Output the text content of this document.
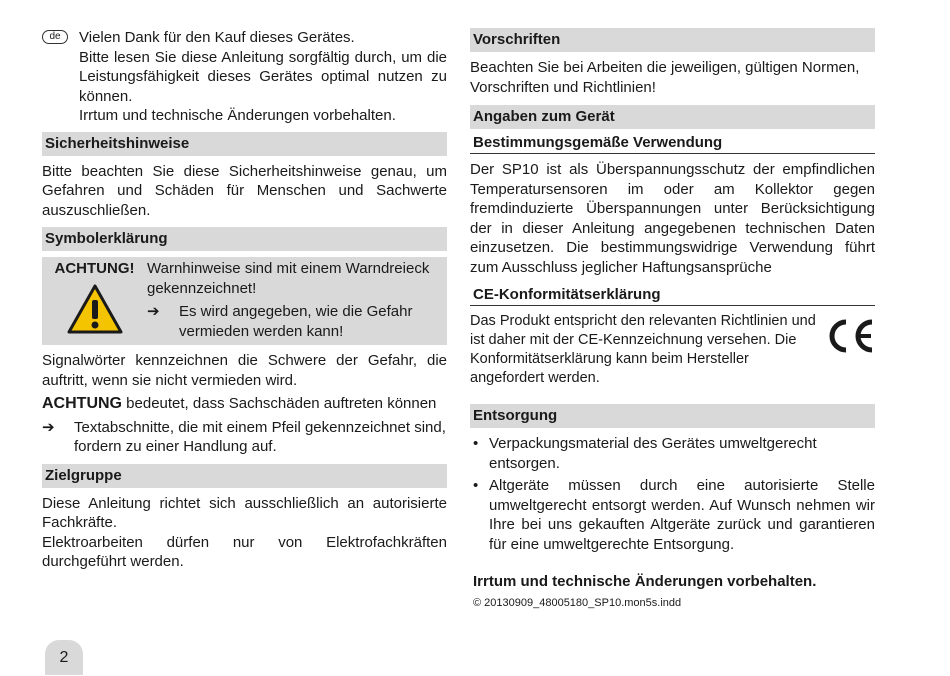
de	Vielen Dank für den Kauf dieses Gerätes.

Bitte lesen Sie diese Anleitung sorgfältig durch, um die Leistungsfähigkeit dieses Gerätes optimal nutzen zu können.

Irrtum und technische Änderungen vorbehalten.

Sicherheitshinweise

Bitte beachten Sie diese Sicherheitshinweise genau, um Gefahren und Schäden für Menschen und Sachwerte auszuschließen.

Symbolerklärung
ACHTUNG! Warnhinweise sind mit einem Warndreieck gekennzeichnet!

➔	Es wird angegeben, wie die Gefahr vermieden werden kann!

Signalwörter kennzeichnen die Schwere der Gefahr, die auftritt, wenn sie nicht vermieden wird.

ACHTUNG bedeutet, dass Sachschäden auftreten können

➔	Textabschnitte, die mit einem Pfeil gekennzeichnet sind, fordern zu einer Handlung auf.

Zielgruppe

Diese Anleitung richtet sich ausschließlich an autorisierte Fachkräfte.

Elektroarbeiten dürfen nur von Elektrofachkräften durchgeführt werden.

Vorschriften

Beachten Sie bei Arbeiten die jeweiligen, gültigen Normen, Vorschriften und Richtlinien!

Angaben zum Gerät
Bestimmungsgemäße Verwendung

Der SP10 ist als Überspannungsschutz der empfindlichen Temperatursensoren im oder am Kollektor gegen fremdinduzierte Überspannungen unter Berücksichtigung der in dieser Anleitung angegebenen technischen Daten einzusetzen. Die bestimmungswidrige Verwendung führt zum Ausschluss jeglicher Haftungsansprüche

CE-Konformitätserklärung

Das Produkt entspricht den relevanten Richtlinien und ist daher mit der CE-Kennzeichnung versehen. Die Konformitätserklärung kann beim Hersteller angefordert werden.

Entsorgung
• Verpackungsmaterial des Gerätes umweltgerecht entsorgen.

• Altgeräte müssen durch eine autorisierte Stelle umweltgerecht entsorgt werden. Auf Wunsch nehmen wir Ihre bei uns gekauften Altgeräte zurück und garantieren für eine umweltgerechte Entsorgung.

Irrtum und technische Änderungen vorbehalten.

© 20130909_48005180_SP10.mon5s.indd

2
